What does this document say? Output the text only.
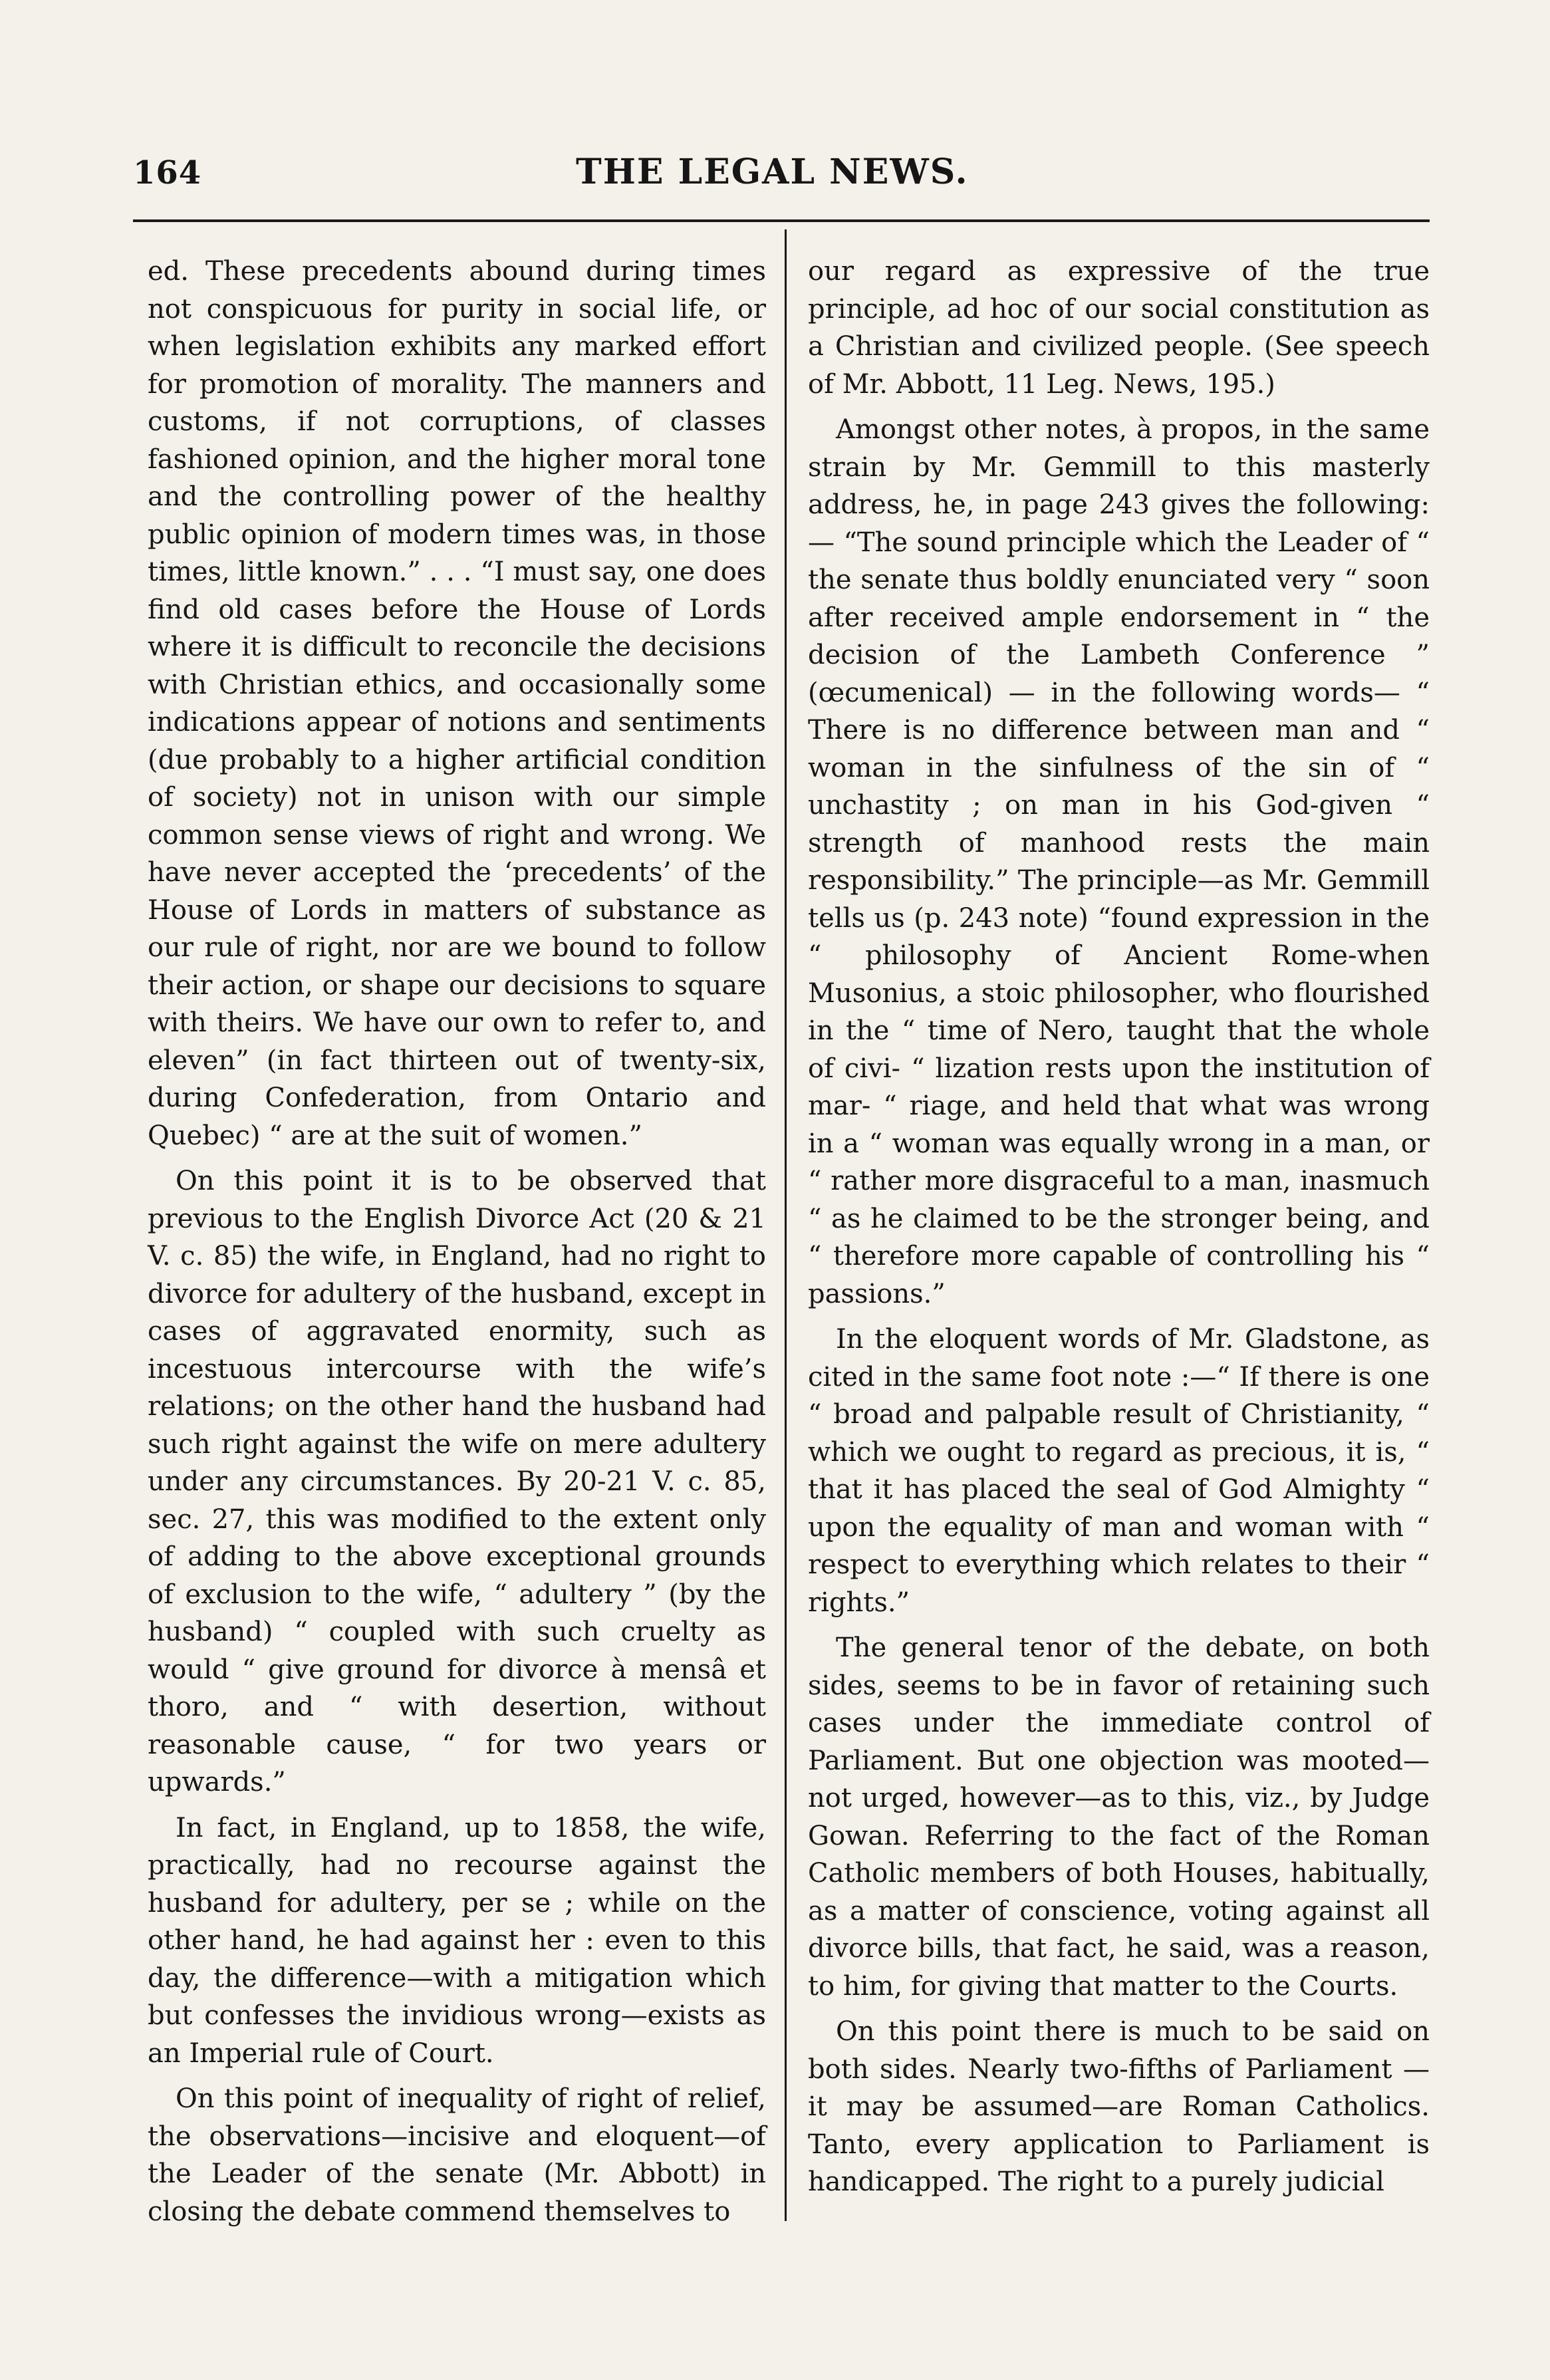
164	THE LEGAL NEWS.

ed. These precedents abound during times not conspicuous for purity in social life, or when legislation exhibits any marked effort for promotion of morality. The manners and customs, if not corruptions, of classes fashioned opinion, and the higher moral tone and the controlling power of the healthy public opinion of modern times was, in those times, little known.” . . . “I must say, one does find old cases before the House of Lords where it is difficult to reconcile the decisions with Christian ethics, and occasionally some indications appear of notions and sentiments (due probably to a higher artificial condition of society) not in unison with our simple common sense views of right and wrong. We have never accepted the ‘precedents’ of the House of Lords in matters of substance as our rule of right, nor are we bound to follow their action, or shape our decisions to square with theirs. We have our own to refer to, and eleven” (in fact thirteen out of twenty-six, during Confederation, from Ontario and Quebec) “ are at the suit of women.”

On this point it is to be observed that previous to the English Divorce Act (20 & 21 V. c. 85) the wife, in England, had no right to divorce for adultery of the husband, except in cases of aggravated enormity, such as incestuous intercourse with the wife’s relations; on the other hand the husband had such right against the wife on mere adultery under any circumstances. By 20-21 V. c. 85, sec. 27, this was modified to the extent only of adding to the above exceptional grounds of exclusion to the wife, “ adultery ” (by the husband) “ coupled with such cruelty as would “ give ground for divorce à mensâ et thoro, and “ with desertion, without reasonable cause, “ for two years or upwards.”

In fact, in England, up to 1858, the wife, practically, had no recourse against the husband for adultery, per se ; while on the other hand, he had against her : even to this day, the difference—with a mitigation which but confesses the invidious wrong—exists as an Imperial rule of Court.

On this point of inequality of right of relief, the observations—incisive and eloquent—of the Leader of the senate (Mr. Abbott) in closing the debate commend themselves to

our regard as expressive of the true principle, ad hoc of our social constitution as a Christian and civilized people. (See speech of Mr. Abbott, 11 Leg. News, 195.)

Amongst other notes, à propos, in the same strain by Mr. Gemmill to this masterly address, he, in page 243 gives the following:— “The sound principle which the Leader of “ the senate thus boldly enunciated very “ soon after received ample endorsement in “ the decision of the Lambeth Conference ” (œcumenical) — in the following words— “ There is no difference between man and “ woman in the sinfulness of the sin of “ unchastity ; on man in his God-given “ strength of manhood rests the main responsibility.” The principle—as Mr. Gemmill tells us (p. 243 note) “found expression in the “ philosophy of Ancient Rome-when Musonius, a stoic philosopher, who flourished in the “ time of Nero, taught that the whole of civi- “ lization rests upon the institution of mar- “ riage, and held that what was wrong in a “ woman was equally wrong in a man, or “ rather more disgraceful to a man, inasmuch “ as he claimed to be the stronger being, and “ therefore more capable of controlling his “ passions.”

In the eloquent words of Mr. Gladstone, as cited in the same foot note :—“ If there is one “ broad and palpable result of Christianity, “ which we ought to regard as precious, it is, “ that it has placed the seal of God Almighty “ upon the equality of man and woman with “ respect to everything which relates to their “ rights.”

The general tenor of the debate, on both sides, seems to be in favor of retaining such cases under the immediate control of Parliament. But one objection was mooted—not urged, however—as to this, viz., by Judge Gowan. Referring to the fact of the Roman Catholic members of both Houses, habitually, as a matter of conscience, voting against all divorce bills, that fact, he said, was a reason, to him, for giving that matter to the Courts.

On this point there is much to be said on both sides. Nearly two-fifths of Parliament —it may be assumed—are Roman Catholics. Tanto, every application to Parliament is handicapped. The right to a purely judicial
